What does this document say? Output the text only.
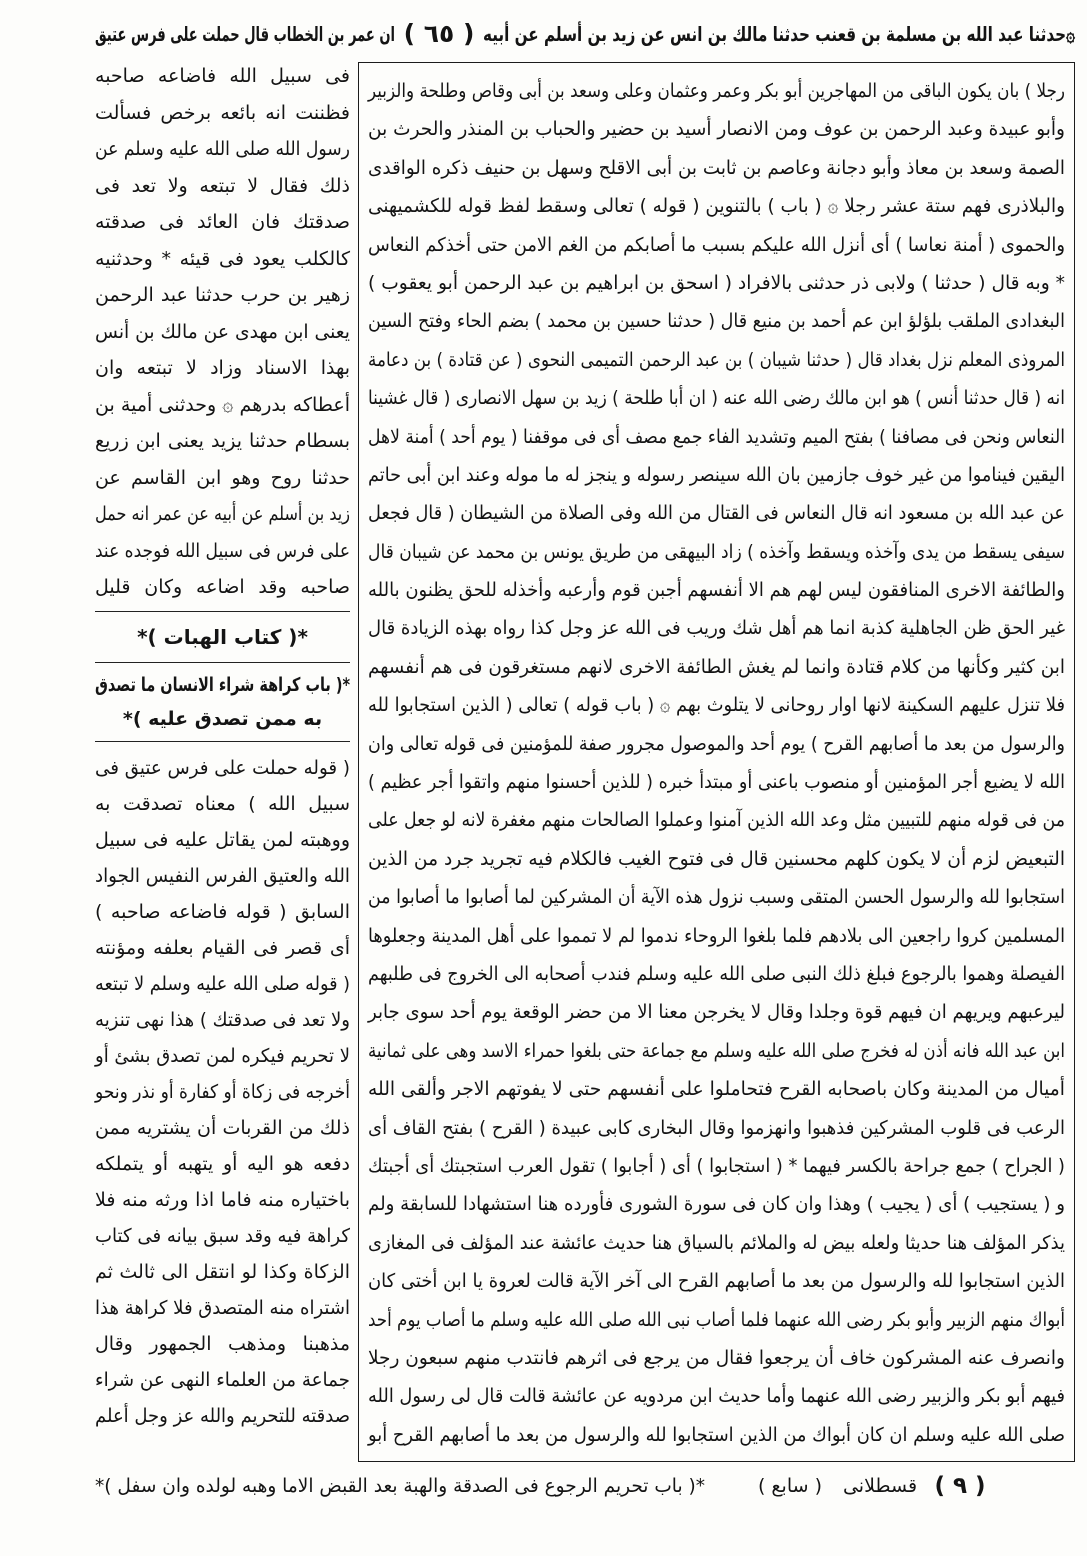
۞حدثنا عبد الله بن مسلمة بن قعنب حدثنا مالك بن انس عن زيد بن أسلم عن أبيه
( ٦٥ )
ان عمر بن الخطاب قال حملت على فرس عتيق
رجلا ) بان يكون الباقى من المهاجرين أبو بكر وعمر وعثمان وعلى وسعد بن أبى وقاص وطلحة والزبير
وأبو عبيدة وعبد الرحمن بن عوف ومن الانصار أسيد بن حضير والحباب بن المنذر والحرث بن
الصمة وسعد بن معاذ وأبو دجانة وعاصم بن ثابت بن أبى الاقلح وسهل بن حنيف ذكره الواقدى
والبلاذرى فهم ستة عشر رجلا ۞ ( باب ) بالتنوين ( قوله ) تعالى وسقط لفظ قوله للكشميهنى
والحموى ( أمنة نعاسا ) أى أنزل الله عليكم بسبب ما أصابكم من الغم الامن حتى أخذكم النعاس
* وبه قال ( حدثنا ) ولابى ذر حدثنى بالافراد ( اسحق بن ابراهيم بن عبد الرحمن أبو يعقوب )
البغدادى الملقب بلؤلؤ ابن عم أحمد بن منيع قال ( حدثنا حسين بن محمد ) بضم الحاء وفتح السين
المروذى المعلم نزل بغداد قال ( حدثنا شيبان ) بن عبد الرحمن التميمى النحوى ( عن قتادة ) بن دعامة
انه ( قال حدثنا أنس ) هو ابن مالك رضى الله عنه ( ان أبا طلحة ) زيد بن سهل الانصارى ( قال غشينا
النعاس ونحن فى مصافنا ) بفتح الميم وتشديد الفاء جمع مصف أى فى موقفنا ( يوم أحد ) أمنة لاهل
اليقين فيناموا من غير خوف جازمين بان الله سينصر رسوله و ينجز له ما موله وعند ابن أبى حاتم
عن عبد الله بن مسعود انه قال النعاس فى القتال من الله وفى الصلاة من الشيطان ( قال فجعل
سيفى يسقط من يدى وآخذه ويسقط وآخذه ) زاد البيهقى من طريق يونس بن محمد عن شيبان قال
والطائفة الاخرى المنافقون ليس لهم هم الا أنفسهم أجبن قوم وأرعبه وأخذله للحق يظنون بالله
غير الحق ظن الجاهلية كذبة انما هم أهل شك وريب فى الله عز وجل كذا رواه بهذه الزيادة قال
ابن كثير وكأنها من كلام قتادة وانما لم يغش الطائفة الاخرى لانهم مستغرقون فى هم أنفسهم
فلا تنزل عليهم السكينة لانها اوار روحانى لا يتلوث بهم ۞ ( باب قوله ) تعالى ( الذين استجابوا لله
والرسول من بعد ما أصابهم القرح ) يوم أحد والموصول مجرور صفة للمؤمنين فى قوله تعالى وان
الله لا يضيع أجر المؤمنين أو منصوب باعنى أو مبتدأ خبره ( للذين أحسنوا منهم واتقوا أجر عظيم )
من فى قوله منهم للتبيين مثل وعد الله الذين آمنوا وعملوا الصالحات منهم مغفرة لانه لو جعل على
التبعيض لزم أن لا يكون كلهم محسنين قال فى فتوح الغيب فالكلام فيه تجريد جرد من الذين
استجابوا لله والرسول الحسن المتقى وسبب نزول هذه الآية أن المشركين لما أصابوا ما أصابوا من
المسلمين كروا راجعين الى بلادهم فلما بلغوا الروحاء ندموا لم لا تمموا على أهل المدينة وجعلوها
الفيصلة وهموا بالرجوع فبلغ ذلك النبى صلى الله عليه وسلم فندب أصحابه الى الخروج فى طلبهم
ليرعبهم ويريهم ان فيهم قوة وجلدا وقال لا يخرجن معنا الا من حضر الوقعة يوم أحد سوى جابر
ابن عبد الله فانه أذن له فخرج صلى الله عليه وسلم مع جماعة حتى بلغوا حمراء الاسد وهى على ثمانية
أميال من المدينة وكان باصحابه القرح فتحاملوا على أنفسهم حتى لا يفوتهم الاجر وألقى الله
الرعب فى قلوب المشركين فذهبوا وانهزموا وقال البخارى كابى عبيدة ( القرح ) بفتح القاف أى
( الجراح ) جمع جراحة بالكسر فيهما * ( استجابوا ) أى ( أجابوا ) تقول العرب استجبتك أى أجبتك
و ( يستجيب ) أى ( يجيب ) وهذا وان كان فى سورة الشورى فأورده هنا استشهادا للسابقة ولم
يذكر المؤلف هنا حديثا ولعله بيض له والملائم بالسياق هنا حديث عائشة عند المؤلف فى المغازى
الذين استجابوا لله والرسول من بعد ما أصابهم القرح الى آخر الآية قالت لعروة يا ابن أختى كان
أبواك منهم الزبير وأبو بكر رضى الله عنهما فلما أصاب نبى الله صلى الله عليه وسلم ما أصاب يوم أحد
وانصرف عنه المشركون خاف أن يرجعوا فقال من يرجع فى اثرهم فانتدب منهم سبعون رجلا
فيهم أبو بكر والزبير رضى الله عنهما وأما حديث ابن مردويه عن عائشة قالت قال لى رسول الله
صلى الله عليه وسلم ان كان أبواك من الذين استجابوا لله والرسول من بعد ما أصابهم القرح أبو
فى سبيل الله فاضاعه صاحبه
فظننت انه بائعه برخص فسألت
رسول الله صلى الله عليه وسلم عن
ذلك فقال لا تبتعه ولا تعد فى
صدقتك فان العائد فى صدقته
كالكلب يعود فى قيئه * وحدثنيه
زهير بن حرب حدثنا عبد الرحمن
يعنى ابن مهدى عن مالك بن أنس
بهذا الاسناد وزاد لا تبتعه وان
أعطاكه بدرهم ۞ وحدثنى أمية بن
بسطام حدثنا يزيد يعنى ابن زريع
حدثنا روح وهو ابن القاسم عن
زيد بن أسلم عن أبيه عن عمر انه حمل
على فرس فى سبيل الله فوجده عند
صاحبه وقد اضاعه وكان قليل
*( كتاب الهبات )*
*( باب كراهة شراء الانسان ما تصدق
به ممن تصدق عليه )*
( قوله حملت على فرس عتيق فى
سبيل الله ) معناه تصدقت به
ووهبته لمن يقاتل عليه فى سبيل
الله والعتيق الفرس النفيس الجواد
السابق ( قوله فاضاعه صاحبه )
أى قصر فى القيام بعلفه ومؤنته
( قوله صلى الله عليه وسلم لا تبتعه
ولا تعد فى صدقتك ) هذا نهى تنزيه
لا تحريم فيكره لمن تصدق بشئ أو
أخرجه فى زكاة أو كفارة أو نذر ونحو
ذلك من القربات أن يشتريه ممن
دفعه هو اليه أو يتهبه أو يتملكه
باختياره منه فاما اذا ورثه منه فلا
كراهة فيه وقد سبق بيانه فى كتاب
الزكاة وكذا لو انتقل الى ثالث ثم
اشتراه منه المتصدق فلا كراهة هذا
مذهبنا ومذهب الجمهور وقال
جماعة من العلماء النهى عن شراء
صدقته للتحريم والله عز وجل أعلم
( ٩ )
قسطلانى
( سابع )
*( باب تحريم الرجوع فى الصدقة والهبة بعد القبض الاما وهبه لولده وان سفل )*
